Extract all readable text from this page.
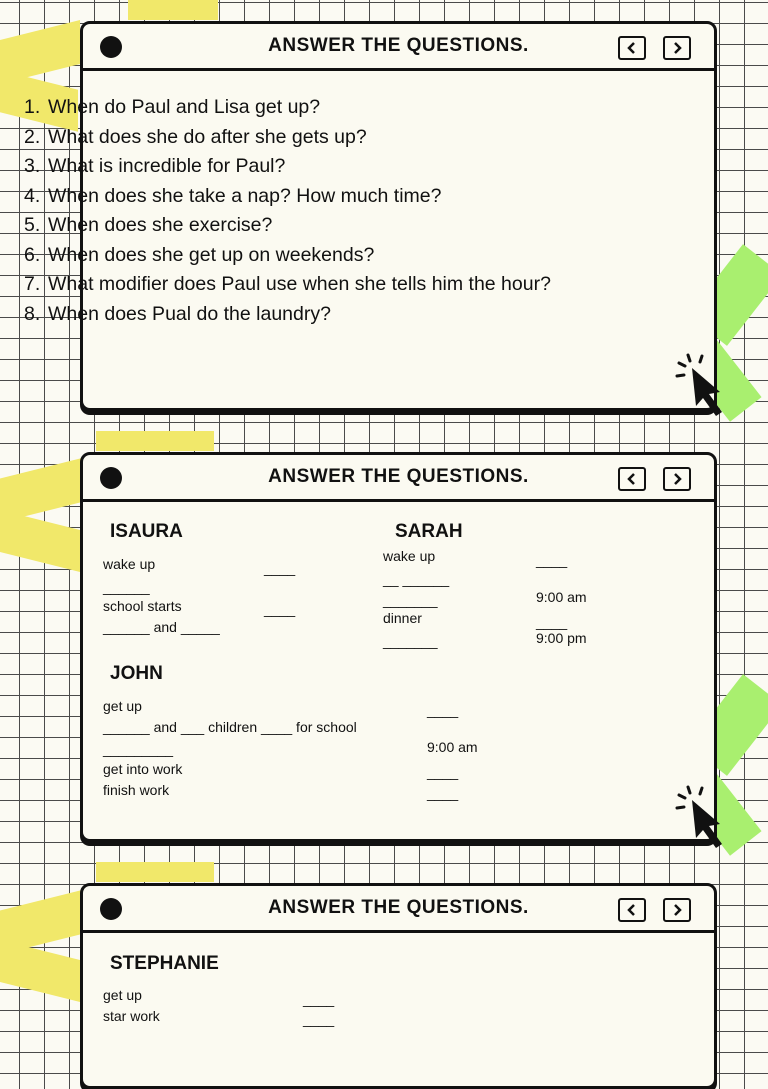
ANSWER THE QUESTIONS.
1. When do Paul and Lisa get up?
2. What does she do after she gets up?
3. What is incredible for Paul?
4. When does she take a nap? How much time?
5. When does she exercise?
6. When does she get up on weekends?
7. What modifier does Paul use when she tells him the hour?
8. When does Pual do the laundry?
ANSWER THE QUESTIONS.
ISAURA
wake up	____
______
school starts	____
______ and _____
SARAH
wake up	____
__ ______
_______	9:00 am
dinner	____
_______	9:00 pm
JOHN
get up	____
______ and ___ children ____ for school
_________	9:00 am
get into work	____
finish work	____
ANSWER THE QUESTIONS.
STEPHANIE
get up	____
star work	____
